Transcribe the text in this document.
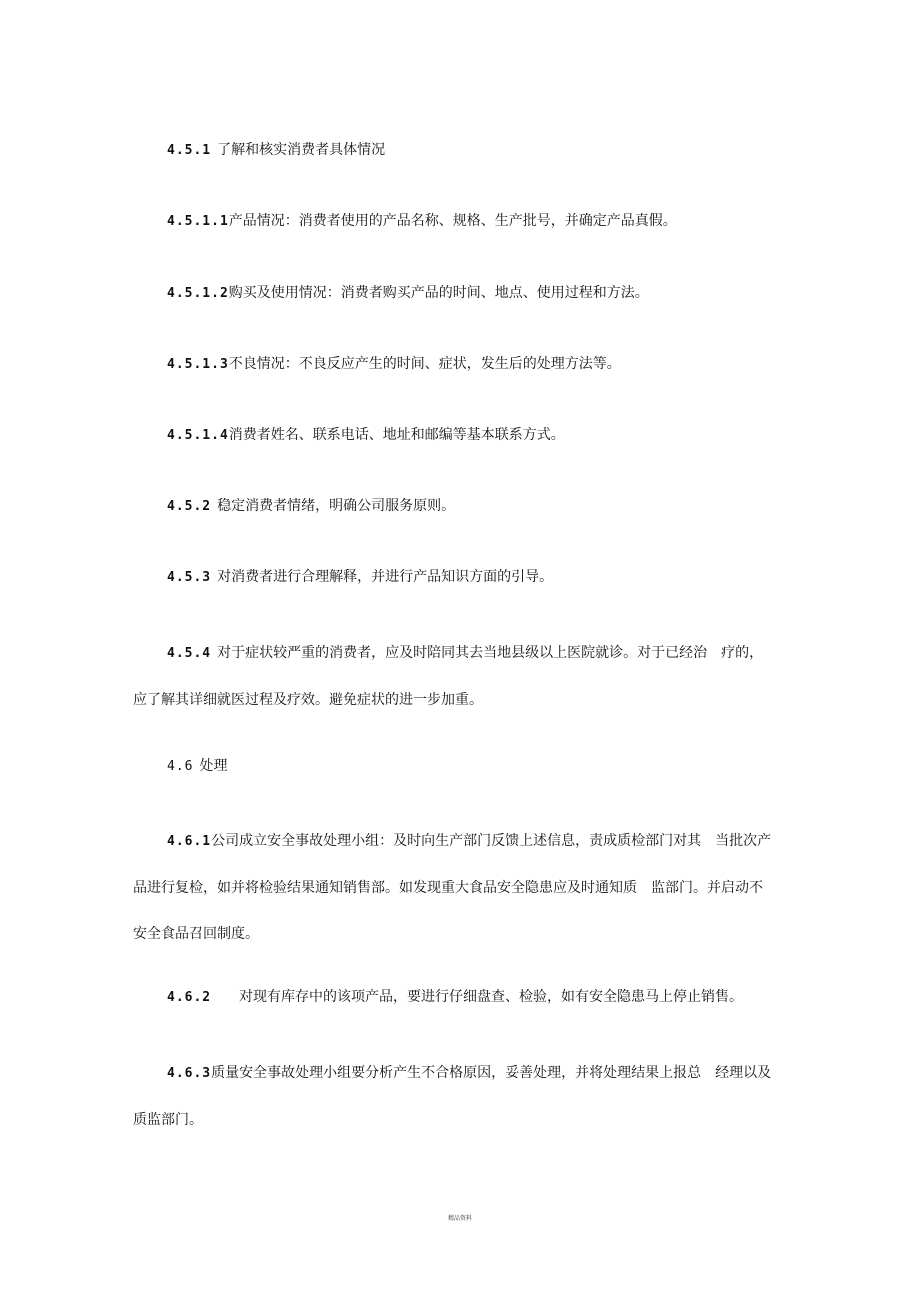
4.5.1 了解和核实消费者具体情况

4.5.1.1产品情况：消费者使用的产品名称、规格、生产批号，并确定产品真假。

4.5.1.2购买及使用情况：消费者购买产品的时间、地点、使用过程和方法。

4.5.1.3不良情况：不良反应产生的时间、症状，发生后的处理方法等。

4.5.1.4消费者姓名、联系电话、地址和邮编等基本联系方式。

4.5.2 稳定消费者情绪，明确公司服务原则。

4.5.3 对消费者进行合理解释，并进行产品知识方面的引导。

4.5.4 对于症状较严重的消费者，应及时陪同其去当地县级以上医院就诊。对于已经治　疗的，应了解其详细就医过程及疗效。避免症状的进一步加重。

4.6 处理

4.6.1公司成立安全事故处理小组：及时向生产部门反馈上述信息，责成质检部门对其　当批次产品进行复检，如并将检验结果通知销售部。如发现重大食品安全隐患应及时通知质　监部门。并启动不安全食品召回制度。

4.6.2 对现有库存中的该项产品，要进行仔细盘查、检验，如有安全隐患马上停止销售。

4.6.3质量安全事故处理小组要分析产生不合格原因，妥善处理，并将处理结果上报总　经理以及质监部门。

精品资料
